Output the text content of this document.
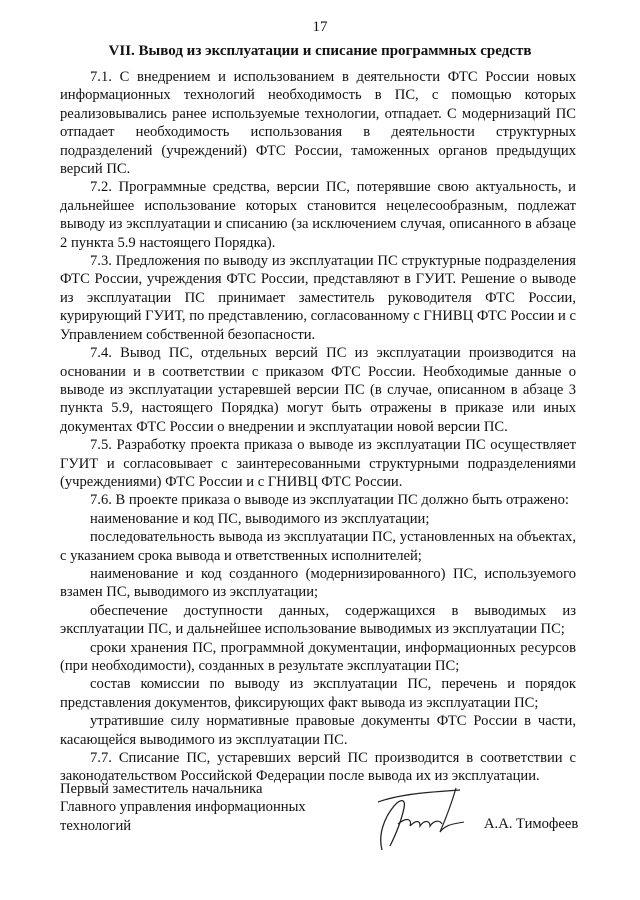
17
VII. Вывод из эксплуатации и списание программных средств

7.1. С внедрением и использованием в деятельности ФТС России новых информационных технологий необходимость в ПС, с помощью которых реализовывались ранее используемые технологии, отпадает. С модернизаций ПС отпадает необходимость использования в деятельности структурных подразделений (учреждений) ФТС России, таможенных органов предыдущих версий ПС.

7.2. Программные средства, версии ПС, потерявшие свою актуальность, и дальнейшее использование которых становится нецелесообразным, подлежат выводу из эксплуатации и списанию (за исключением случая, описанного в абзаце 2 пункта 5.9 настоящего Порядка).

7.3. Предложения по выводу из эксплуатации ПС структурные подразделения ФТС России, учреждения ФТС России, представляют в ГУИТ. Решение о выводе из эксплуатации ПС принимает заместитель руководителя ФТС России, курирующий ГУИТ, по представлению, согласованному с ГНИВЦ ФТС России и с Управлением собственной безопасности.

7.4. Вывод ПС, отдельных версий ПС из эксплуатации производится на основании и в соответствии с приказом ФТС России. Необходимые данные о выводе из эксплуатации устаревшей версии ПС (в случае, описанном в абзаце 3 пункта 5.9, настоящего Порядка) могут быть отражены в приказе или иных документах ФТС России о внедрении и эксплуатации новой версии ПС.

7.5. Разработку проекта приказа о выводе из эксплуатации ПС осуществляет ГУИТ и согласовывает с заинтересованными структурными подразделениями (учреждениями) ФТС России и с ГНИВЦ ФТС России.

7.6. В проекте приказа о выводе из эксплуатации ПС должно быть отражено:

наименование и код ПС, выводимого из эксплуатации;

последовательность вывода из эксплуатации ПС, установленных на объектах, с указанием срока вывода и ответственных исполнителей;

наименование и код созданного (модернизированного) ПС, используемого взамен ПС, выводимого из эксплуатации;

обеспечение доступности данных, содержащихся в выводимых из эксплуатации ПС, и дальнейшее использование выводимых из эксплуатации ПС;

сроки хранения ПС, программной документации, информационных ресурсов (при необходимости), созданных в результате эксплуатации ПС;

состав комиссии по выводу из эксплуатации ПС, перечень и порядок представления документов, фиксирующих факт вывода из эксплуатации ПС;

утратившие силу нормативные правовые документы ФТС России в части, касающейся выводимого из эксплуатации ПС.

7.7. Списание ПС, устаревших версий ПС производится в соответствии с законодательством Российской Федерации после вывода их из эксплуатации.

Первый заместитель начальника
Главного управления информационных
технологий	А.А. Тимофеев
